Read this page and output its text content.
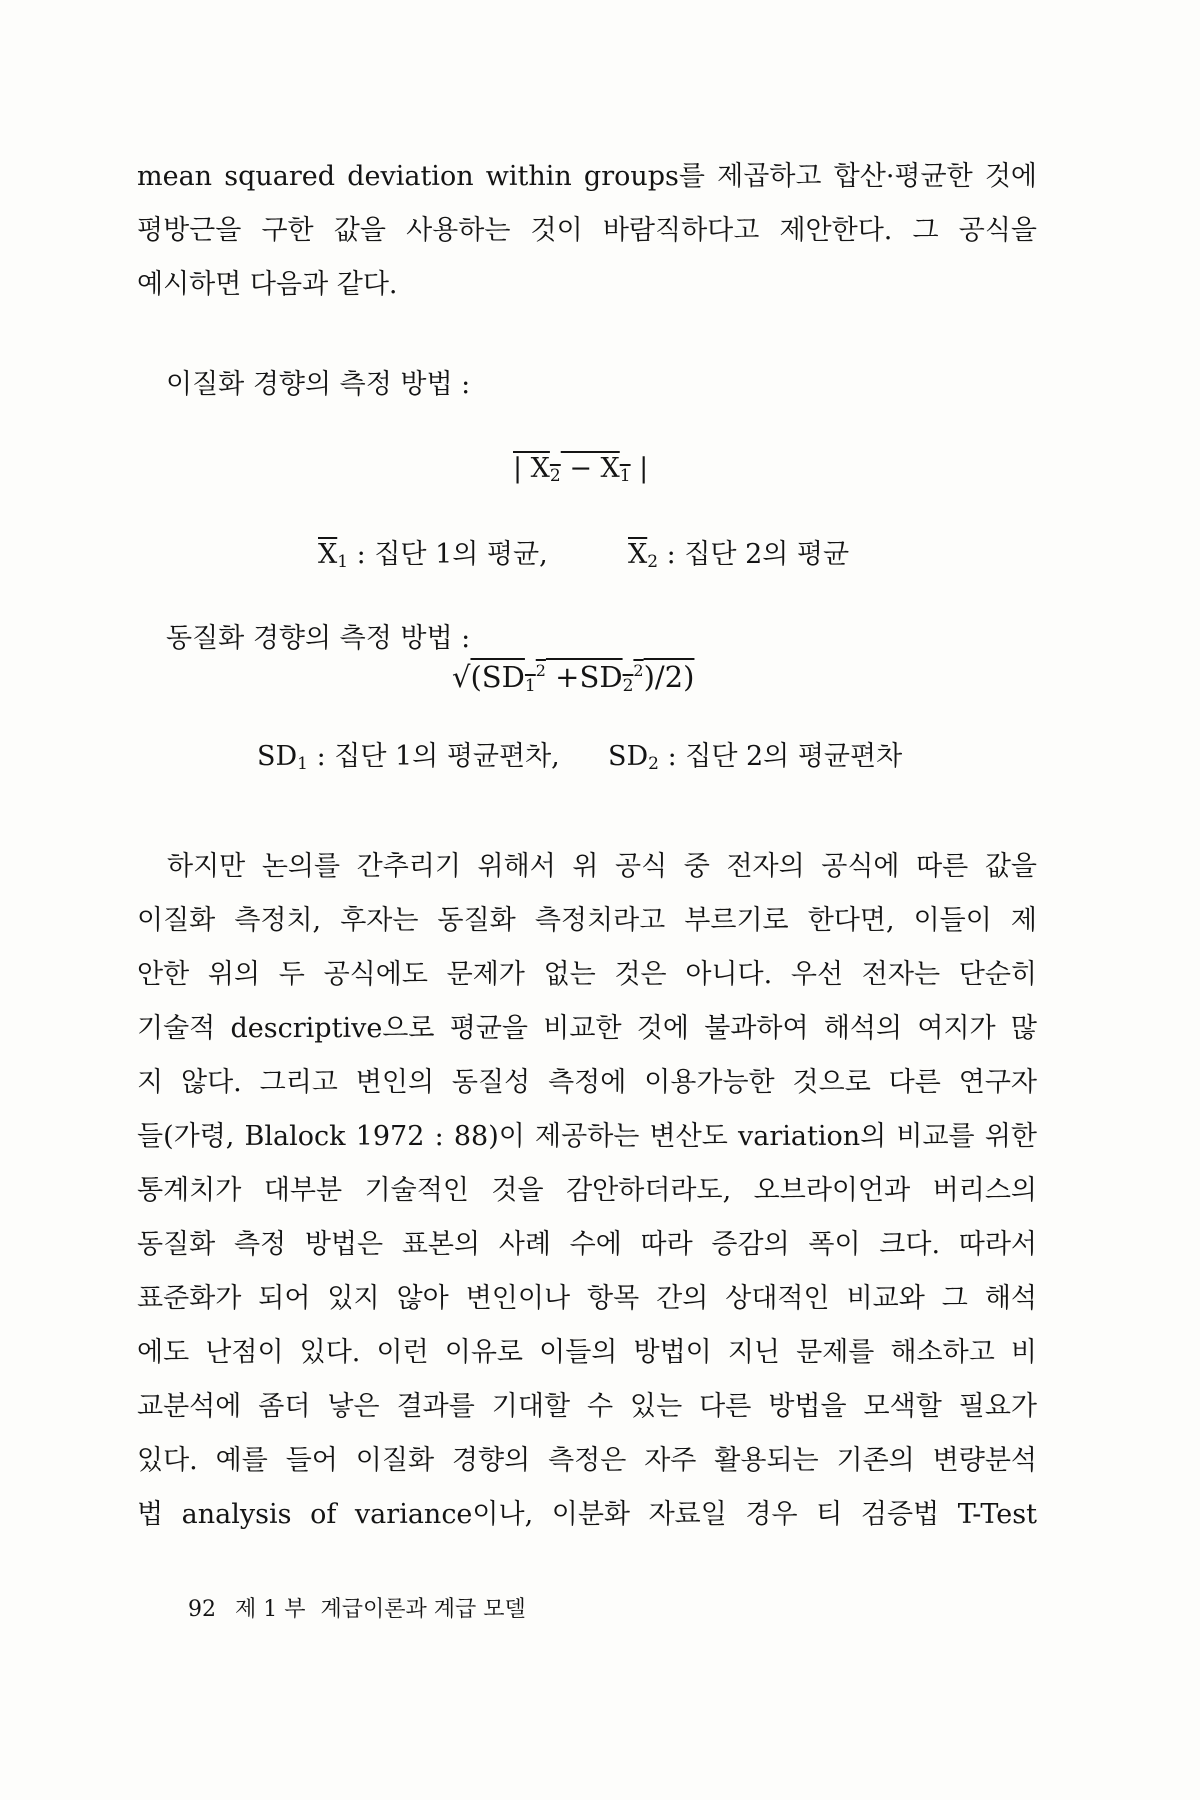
mean squared deviation within groups를 제곱하고 합산·평균한 것에
평방근을 구한 값을 사용하는 것이 바람직하다고 제안한다. 그 공식을
예시하면 다음과 같다.
이질화 경향의 측정 방법 :
| $X_2 - X_1$ |
$\overline{X}_1$ : 집단 1의 평균,	$\overline{X}_2$ : 집단 2의 평균
동질화 경향의 측정 방법 :
$√(SD_1^2 +SD_2^2)/2$)
$SD_1$ : 집단 1의 평균편차, $SD_2$ : 집단 2의 평균편차
하지만 논의를 간추리기 위해서 위 공식 중 전자의 공식에 따른 값을
이질화 측정치, 후자는 동질화 측정치라고 부르기로 한다면, 이들이 제
안한 위의 두 공식에도 문제가 없는 것은 아니다. 우선 전자는 단순히
기술적 descriptive으로 평균을 비교한 것에 불과하여 해석의 여지가 많
지 않다. 그리고 변인의 동질성 측정에 이용가능한 것으로 다른 연구자
들(가령, Blalock 1972 : 88)이 제공하는 변산도 variation의 비교를 위한
통계치가 대부분 기술적인 것을 감안하더라도, 오브라이언과 버리스의
동질화 측정 방법은 표본의 사례 수에 따라 증감의 폭이 크다. 따라서
표준화가 되어 있지 않아 변인이나 항목 간의 상대적인 비교와 그 해석
에도 난점이 있다. 이런 이유로 이들의 방법이 지닌 문제를 해소하고 비
교분석에 좀더 낳은 결과를 기대할 수 있는 다른 방법을 모색할 필요가
있다. 예를 들어 이질화 경향의 측정은 자주 활용되는 기존의 변량분석
법 analysis of variance이나, 이분화 자료일 경우 티 검증법 T-Test
92 제 1 부 계급이론과 계급 모델
